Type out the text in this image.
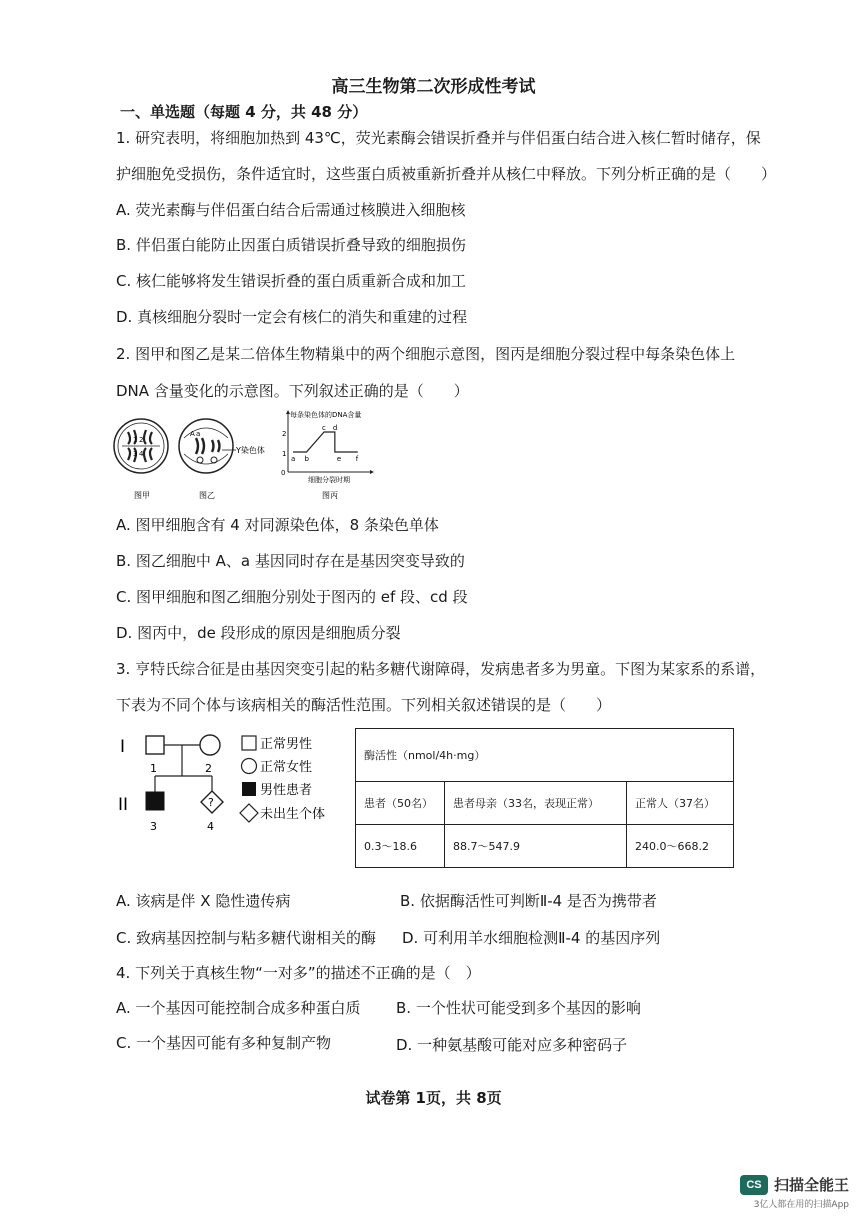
高三生物第二次形成性考试
一、单选题（每题 4 分，共 48 分）
1. 研究表明，将细胞加热到 43℃，荧光素酶会错误折叠并与伴侣蛋白结合进入核仁暂时储存，保
护细胞免受损伤，条件适宜时，这些蛋白质被重新折叠并从核仁中释放。下列分析正确的是（　　）
A. 荧光素酶与伴侣蛋白结合后需通过核膜进入细胞核
B. 伴侣蛋白能防止因蛋白质错误折叠导致的细胞损伤
C. 核仁能够将发生错误折叠的蛋白质重新合成和加工
D. 真核细胞分裂时一定会有核仁的消失和重建的过程
2. 图甲和图乙是某二倍体生物精巢中的两个细胞示意图，图丙是细胞分裂过程中每条染色体上
DNA 含量变化的示意图。下列叙述正确的是（　　）
1 2
3 4
图甲
A a
Y染色体
图乙
每条染色体的DNA含量
细胞分裂时期
0
2
1
a b
c d
e f
图丙
A. 图甲细胞含有 4 对同源染色体，8 条染色单体
B. 图乙细胞中 A、a 基因同时存在是基因突变导致的
C. 图甲细胞和图乙细胞分别处于图丙的 ef 段、cd 段
D. 图丙中，de 段形成的原因是细胞质分裂
3. 亨特氏综合征是由基因突变引起的粘多糖代谢障碍，发病患者多为男童。下图为某家系的系谱，
下表为不同个体与该病相关的酶活性范围。下列相关叙述错误的是（　　）
I
II
1	2
?
3	4
正常男性
正常女性
男性患者
未出生个体
酶活性（nmol/4h·mg）		
患者（50名）	患者母亲（33名，表现正常）	正常人（37名）
0.3～18.6	88.7～547.9	240.0～668.2
A. 该病是伴 X 隐性遗传病	B. 依据酶活性可判断Ⅱ-4 是否为携带者
C. 致病基因控制与粘多糖代谢相关的酶 D. 可利用羊水细胞检测Ⅱ-4 的基因序列
4. 下列关于真核生物“一对多”的描述不正确的是（　）
A. 一个基因可能控制合成多种蛋白质 B. 一个性状可能受到多个基因的影响
C. 一个基因可能有多种复制产物	D. 一种氨基酸可能对应多种密码子
试卷第 1页，共 8页
CS 扫描全能王
3亿人都在用的扫描App
